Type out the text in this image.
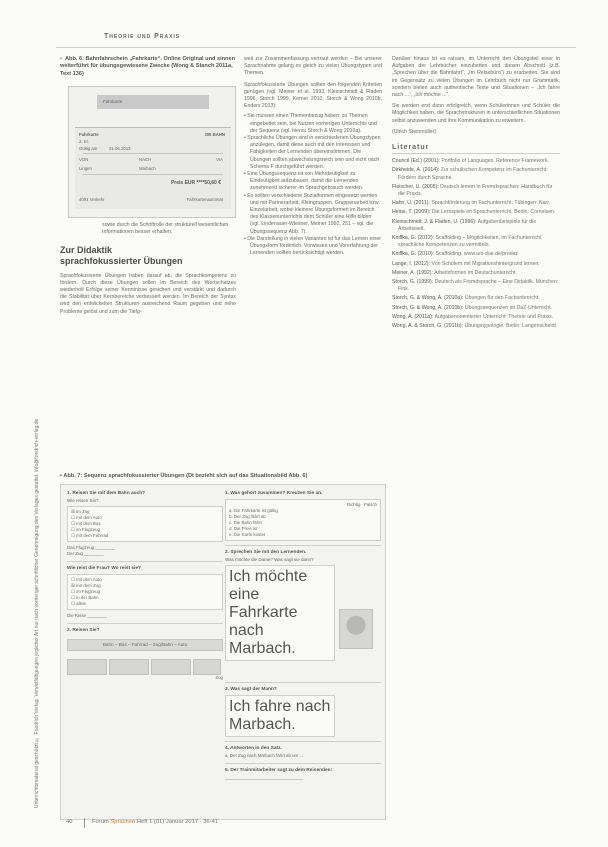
Theorie und Praxis
Unterrichtsmaterial geschützt © Friedrich Verlag. Vervielfältigungen jeglicher Art nur nach vorheriger schriftlicher Genehmigung des Verlages gestattet. info@friedrich-verlag.de
▪ Abb. 6: Bahnfahrschein „Fahrkarte“. Online Original und sinnen weiterführt für übungsgewiesene Zwecke (Wong & Stanch 2011a, Text 136)
Fahrkarte
Fahrkarte
2. Kl.
DB BAHN
Gültig am	01.06.2013
VON	NACH	VIA
Lingen	Marbach
Preis EUR ****50,60 €
4001 Verkehr	Fahrkartenautomat

sowie durch die Schriftrolle der strukturell wesentlichen Informationen besser erhalten.

Zur Didaktik
sprachfokussierter Übungen

Sprachfokussierte Übungen haben darauf ab, die Sprachkompetenz zu fördern. Durch diese Übungen sollen im Bereich des Wortschatzes wiederholt Erfolge seiner Kenntnisse gesichert und verstärkt und dadurch die Stabilität über Kernbereiche verbessert werden. Im Bereich der Syntax wird den entwickelten Strukturen ausreichend Raum gegeben und reihe Probleme gelöst und zum die Tiefg-

weit zur Zusammenfassung vertraut werden – Bei unserer Sprachnahme gelang es gleich zu vielen Übungstypen und Themen.

Sprachfokussierte Übungen sollten den folgenden Kriterien genügen (vgl. Meiner et al. 1993, Kleinschmidt & Fladen 1996, Storch 1999, Kerner 2010, Storch & Wong 2010b, Enders 2013):

▪ Sie müssen einen Themenbezug haben: zu Themen eingebettet sein, bei Nutzen vorherigen Unterrichts und der Sequenz (vgl. hierzu Storch & Wong 2010a).

▪ Sprachliche Übungen sind in verschiedenen Übungstypen anzulegen, damit diese auch mit den Interessen und Fähigkeiten der Lernenden übereinstimmen. Die Übungen sollten abwechslungsreich sein und nicht nach Schema F durchgeführt werden.

▪ Eine Übungssequenz ist von Mehrdeutigkeit zu Eindeutigkeit aufzubauen, damit die Lernenden zunehmend sicherer im Sprachgebrauch werden.

▪ Es sollten verschiedene Sozialformen eingesetzt werden und mit Partnerarbeit, Kleingruppen, Gruppenarbeit bzw. Einzelarbeit, wobei kleinere Übungsformen im Bereich des Klassenunterrichts dem Schüler eine Hilfe bilden (vgl. Lindenauer-Wiesner, Meiner 1992, 251 – vgl. die Übungssequenz Abb. 7).

▪ Die Darstellung in vielen Varianten ist für das Lernen einer Übungsform förderlich. Vorwissen und Vorerfahrung der Lernenden sollten berücksichtigt werden.

Darüber hinaus ist es ratsam, im Unterricht den Übungsteil einer in Aufgaben der Lehrbücher einzubetten und diesen Abschnitt (z.B. „Sprechen über die Bahnfahrt“, „Im Reisebüro“) zu erarbeiten. Sie sind im Gegensatz zu vielen Übungen im Lehrbuch nicht nur Grammatik, sondern bieten auch authentische Texte und Situationen – „Ich fahre nach ...“, „Ich möchte ...“.

Sie werden erst dann erfolgreich, wenn Schülerinnen und Schüler die Möglichkeit haben, die Sprachstrukturen in unterschiedlichen Situationen selbst anzuwenden und ihre Kommunikation zu erweitern.

(Ulrich Steinmüller)

Literatur

Council (Ed.) (2001): Portfolio of Languages. Reference Framework.

Dirkheide, A. (2014): Zur schulischen Kompetenz im Fachunterricht: Fördern durch Sprache.

Fleischer, U. (2005): Deutsch lernen in Fremdsprachen: Handbuch für die Praxis.

Hahn, U. (2011): Sprachförderung im Fachunterricht. Tübingen: Narr.

Heine, T. (2009): Die Lernspiele im Sprachunterricht. Berlin: Cornelsen.

Kleinschmidt, J. & Fladen, U. (1996): Aufgabenbeispiele für die Arbeitswelt.

Kniffka, G. (2012): Scaffolding – Möglichkeiten, im Fachunterricht sprachliche Kompetenzen zu vermitteln.

Kniffka, G. (2010): Scaffolding. www.uni-due.de/prodaz

Lange, I. (2012): Von Schülern mit Migrationshintergrund lernen.

Meiner, A. (1992): Arbeitsformen im Deutschunterricht.

Storch, G. (1999): Deutsch als Fremdsprache – Eine Didaktik. München: Fink.

Storch, G. & Wong, A. (2010a): Übungen für den Fachunterricht.

Storch, G. & Wong, A. (2010b): Übungssequenzen im DaZ-Unterricht.

Wong, A. (2011a): Aufgabenorientierter Unterricht: Theorie und Praxis.

Wong, A. & Storch, G. (2011b): Übungstypologie. Berlin: Langenscheidt.

▪ Abb. 7: Sequenz sprachfokussierter Übungen (Dt bezieht sich auf das Situationsbild Abb. 6)
1. Reisen Sie mit dem Bahn auch?
Wie reisen Sie?
☒ im Zug
☐ mit dem Auto
☐ mit dem Bus
☐ im Flugzeug
☐ mit dem Fahrrad
Das Flugzeug ________
Der Zug ________
Wie reist die Frau? Wo reist sie?
☐ mit dem Auto
☒ mit dem Zug
☐ im Flugzeug
☐ in der Bahn
☐ allein
Die Reise ________
2. Reisen Sie?
Bahn – Bus – Fahrrad – Zug/Bahn – Auto
Zug
1. Was gehört zusammen? Kreuzen Sie an.
Richtig Falsch
a. Die Fahrkarte ist gültig
b. Der Zug fährt ab
c. Die Bahn fährt
d. Die Preis ist
e. Die Karte kostet
2. Sprechen Sie mit den Lernenden.
Was möchte die Dame? Was sagt sie dann?
Ich möchte eine Fahrkarte nach Marbach.
3. Was sagt der Mann?
Ich fahre nach Marbach.
4. Antworten in den Satz.
a. Der Zug nach Marbach fährt ab um ...
5. Der Trainmitarbeiter sagt zu dem Reisenden:
________________________________
40	Forum Sprachen Heft 1 (01) Januar 2017 · 36-41
